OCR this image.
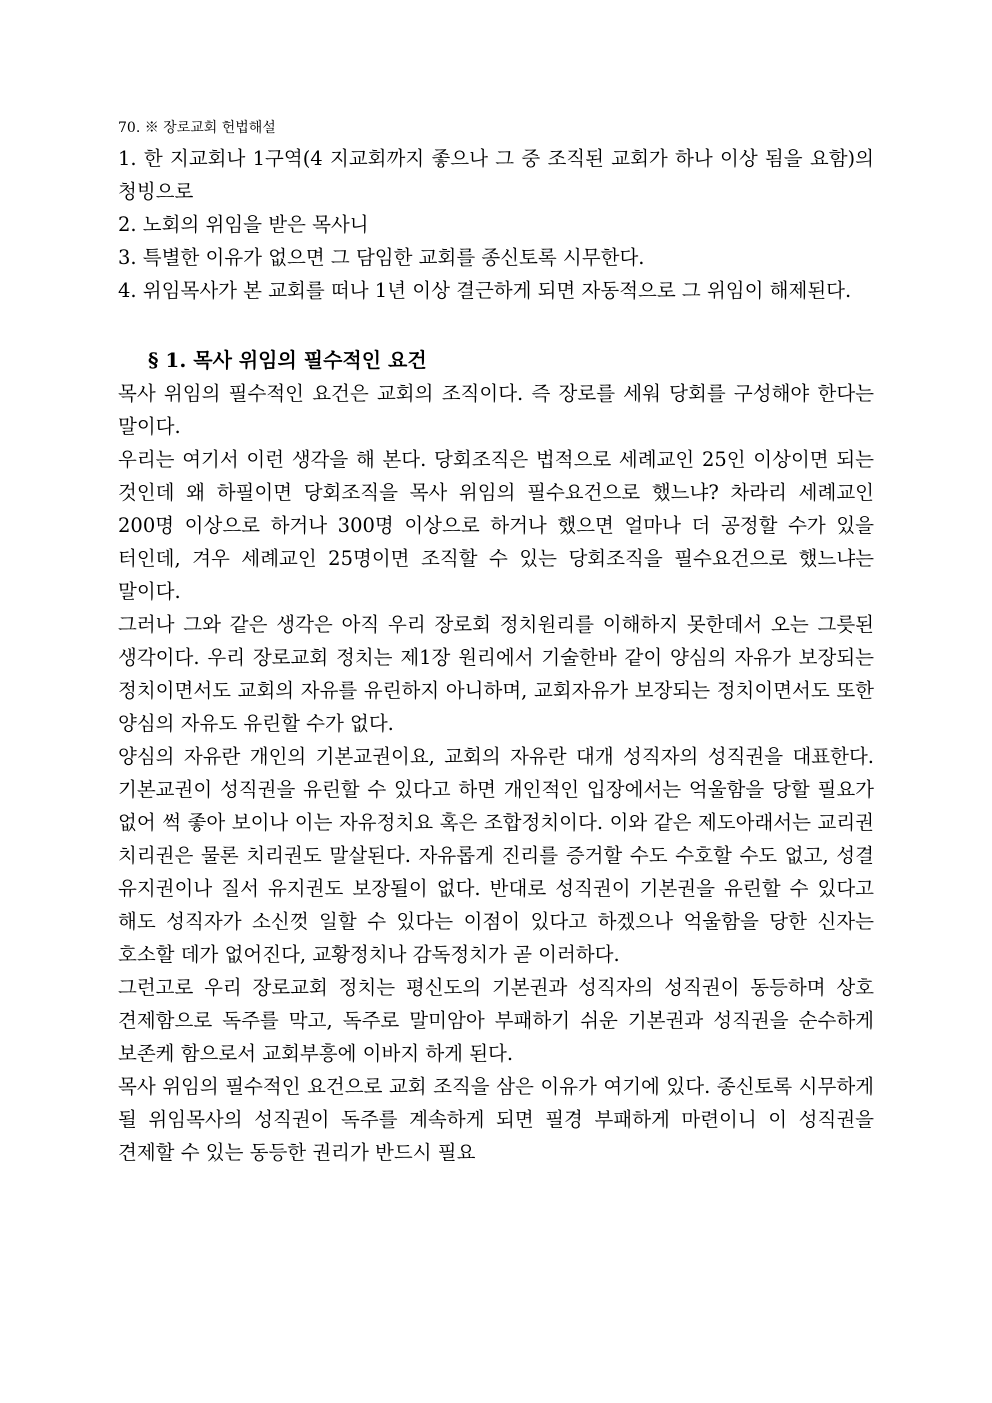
70. ※ 장로교회 헌법해설

1. 한 지교회나 1구역(4 지교회까지 좋으나 그 중 조직된 교회가 하나 이상 됨을 요함)의 청빙으로

2. 노회의 위임을 받은 목사니

3. 특별한 이유가 없으면 그 담임한 교회를 종신토록 시무한다.

4. 위임목사가 본 교회를 떠나 1년 이상 결근하게 되면 자동적으로 그 위임이 해제된다.

§ 1. 목사 위임의 필수적인 요건

목사 위임의 필수적인 요건은 교회의 조직이다. 즉 장로를 세워 당회를 구성해야 한다는 말이다.

우리는 여기서 이런 생각을 해 본다. 당회조직은 법적으로 세례교인 25인 이상이면 되는 것인데 왜 하필이면 당회조직을 목사 위임의 필수요건으로 했느냐? 차라리 세례교인 200명 이상으로 하거나 300명 이상으로 하거나 했으면 얼마나 더 공정할 수가 있을 터인데, 겨우 세례교인 25명이면 조직할 수 있는 당회조직을 필수요건으로 했느냐는 말이다.

그러나 그와 같은 생각은 아직 우리 장로회 정치원리를 이해하지 못한데서 오는 그릇된 생각이다. 우리 장로교회 정치는 제1장 원리에서 기술한바 같이 양심의 자유가 보장되는 정치이면서도 교회의 자유를 유린하지 아니하며, 교회자유가 보장되는 정치이면서도 또한 양심의 자유도 유린할 수가 없다.

양심의 자유란 개인의 기본교권이요, 교회의 자유란 대개 성직자의 성직권을 대표한다. 기본교권이 성직권을 유린할 수 있다고 하면 개인적인 입장에서는 억울함을 당할 필요가 없어 썩 좋아 보이나 이는 자유정치요 혹은 조합정치이다. 이와 같은 제도아래서는 교리권 치리권은 물론 치리권도 말살된다. 자유롭게 진리를 증거할 수도 수호할 수도 없고, 성결 유지권이나 질서 유지권도 보장될이 없다. 반대로 성직권이 기본권을 유린할 수 있다고 해도 성직자가 소신껏 일할 수 있다는 이점이 있다고 하겠으나 억울함을 당한 신자는 호소할 데가 없어진다, 교황정치나 감독정치가 곧 이러하다.

그런고로 우리 장로교회 정치는 평신도의 기본권과 성직자의 성직권이 동등하며 상호 견제함으로 독주를 막고, 독주로 말미암아 부패하기 쉬운 기본권과 성직권을 순수하게 보존케 함으로서 교회부흥에 이바지 하게 된다.

목사 위임의 필수적인 요건으로 교회 조직을 삼은 이유가 여기에 있다. 종신토록 시무하게 될 위임목사의 성직권이 독주를 계속하게 되면 필경 부패하게 마련이니 이 성직권을 견제할 수 있는 동등한 권리가 반드시 필요
